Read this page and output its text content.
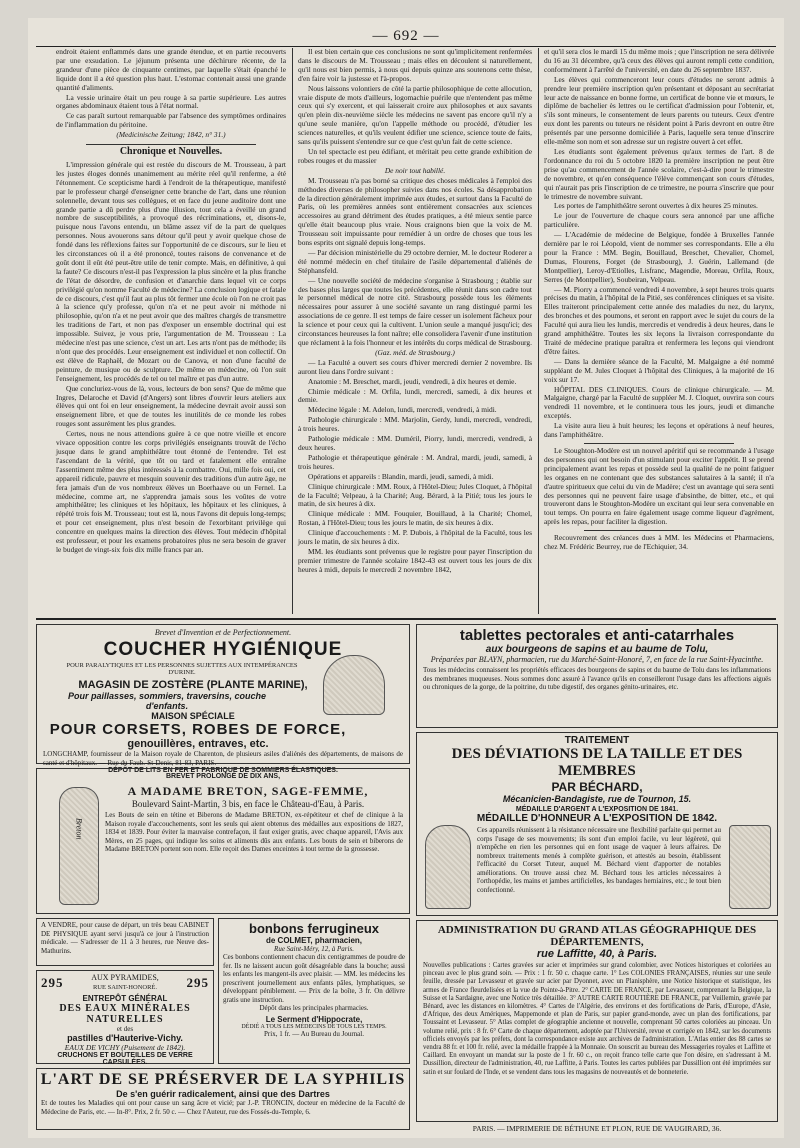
— 692 —

endroit étaient enflammés dans une grande étendue, et en partie recouverts par une exsudation. Le jéjunum présenta une déchirure récente, de la grandeur d'une pièce de cinquante centimes, par laquelle s'était épanché le liquide dont il a été question plus haut. L'estomac contenait aussi une grande quantité d'aliments.

La vessie urinaire était un peu rouge à sa partie supérieure. Les autres organes abdominaux étaient tous à l'état normal.

Ce cas paraît surtout remarquable par l'absence des symptômes ordinaires de l'inflammation du péritoine.

(Medicinische Zeitung; 1842, n° 31.)

Chronique et Nouvelles.

L'impression générale qui est restée du discours de M. Trousseau, à part les justes éloges donnés unanimement au mérite réel qu'il renferme, a été l'étonnement. Ce scepticisme hardi à l'endroit de la thérapeutique, manifesté par le professeur chargé d'enseigner cette branche de l'art, dans une réunion solennelle, devant tous ses collègues, et en face du jeune auditoire dont une grande partie a dû perdre plus d'une illusion, tout cela a éveillé un grand nombre de susceptibilités, a provoqué des récriminations, et, disons-le, puisque nous l'avons entendu, un blâme assez vif de la part de quelques personnes. Nous avouerons sans détour qu'il peut y avoir quelque chose de fondé dans les réflexions faites sur l'opportunité de ce discours, sur le lieu et les circonstances où il a été prononcé, toutes raisons de convenance et de goût dont il eût été peut-être utile de tenir compte. Mais, en définitive, à qui la faute? Ce discours n'est-il pas l'expression la plus sincère et la plus franche de l'état de désordre, de confusion et d'anarchie dans lequel vit ce corps privilégié qu'on nomme Faculté de médecine? La conclusion logique et fatale de ce discours, c'est qu'il faut au plus tôt fermer une école où l'on ne croit pas à la science qu'y professe, qu'on n'a et ne peut avoir ni méthode ni philosophie, qu'on n'a et ne peut avoir que des maîtres chargés de transmettre les traditions de l'art, et non pas d'exposer un ensemble doctrinal qui est impossible. Suivez, je vous prie, l'argumentation de M. Trousseau : La médecine n'est pas une science, c'est un art. Les arts n'ont pas de méthode; ils n'ont que des procédés. Leur enseignement est individuel et non collectif. On est élève de Raphaël, de Mozart ou de Canova, et non d'une faculté de peinture, de musique ou de sculpture. De même en médecine, où l'on suit l'enseignement, les procédés de tel ou tel maître et pas d'un autre.

Que concluriez-vous de là, vous, lecteurs de bon sens? Que de même que Ingres, Delaroche et David (d'Angers) sont libres d'ouvrir leurs ateliers aux élèves qui ont foi en leur enseignement, la médecine devrait avoir aussi son enseignement libre, et que de toutes les inutilités de ce monde les robes rouges sont assurément les plus grandes.

Certes, nous ne nous attendions guère à ce que notre vieille et encore vivace opposition contre les corps privilégiés enseignants trouvât de l'écho jusque dans le grand amphithéâtre tout étonné de l'entendre. Tel est l'ascendant de la vérité, que tôt ou tard et fatalement elle entraîne l'assentiment même des plus intéressés à la combattre. Oui, mille fois oui, cet appareil ridicule, pauvre et mesquin souvenir des traditions d'un autre âge, ne fera jamais d'un de vos nombreux élèves un Boerhaave ou un Fernel. La médecine, comme art, ne s'apprendra jamais sous les voûtes de votre amphithéâtre; les cliniques et les hôpitaux, les hôpitaux et les cliniques, à répété trois fois M. Trousseau; tout est là, nous l'avons dit depuis long-temps; et pour cet enseignement, plus n'est besoin de l'exorbitant privilège qui concentre en quelques mains la direction des élèves. Tout médecin d'hôpital est professeur, et pour les examens probatoires plus ne sera besoin de graver le budget de vingt-six fois dix mille francs par an.

Il est bien certain que ces conclusions ne sont qu'implicitement renfermées dans le discours de M. Trousseau ; mais elles en découlent si naturellement, qu'il nous est bien permis, à nous qui depuis quinze ans soutenons cette thèse, d'en faire voir la justesse et l'à-propos.

Nous laissons volontiers de côté la partie philosophique de cette allocution, vraie dispute de mots d'ailleurs, logomachie puérile que n'entendent pas même ceux qui s'y exercent, et qui laisserait croire aux philosophes et aux savants qu'en plein dix-neuvième siècle les médecins ne savent pas encore qu'il n'y a qu'une seule manière, qu'on l'appelle méthode ou procédé, d'étudier les sciences naturelles, et qu'ils veulent édifier une science, science toute de faits, sans qu'ils puissent s'entendre sur ce que c'est qu'un fait de cette science.

Un tel spectacle est peu édifiant, et méritait peu cette grande exhibition de robes rouges et du massier

De noir tout habillé.

M. Trousseau n'a pas borné sa critique des choses médicales à l'emploi des méthodes diverses de philosopher suivies dans nos écoles. Sa désapprobation de la direction généralement imprimée aux études, et surtout dans la Faculté de Paris, où les premières années sont entièrement consacrées aux sciences accessoires au grand détriment des études pratiques, a été mieux sentie parce qu'elle était beaucoup plus vraie. Nous craignons bien que la voix de M. Trousseau soit impuissante pour remédier à un ordre de choses que tous les bons esprits ont signalé depuis long-temps.

— Par décision ministérielle du 29 octobre dernier, M. le docteur Roderer a été nommé médecin en chef titulaire de l'asile départemental d'aliénés de Stéphansfeld.

— Une nouvelle société de médecine s'organise à Strasbourg ; établie sur des bases plus larges que toutes les précédentes, elle réunit dans son cadre tout le personnel médical de notre cité. Strasbourg possède tous les éléments nécessaires pour assurer à une société savante un rang distingué parmi les associations de ce genre. Il est temps de faire cesser un isolement fâcheux pour la science et pour ceux qui la cultivent. L'union seule a manqué jusqu'ici; des circonstances heureuses la font naître; elle consolidera l'avenir d'une institution que réclament à la fois l'honneur et les intérêts du corps médical de Strasbourg.

(Gaz. méd. de Strasbourg.)

— La Faculté a ouvert ses cours d'hiver mercredi dernier 2 novembre. Ils auront lieu dans l'ordre suivant :

Anatomie : M. Breschet, mardi, jeudi, vendredi, à dix heures et demie.

Chimie médicale : M. Orfila, lundi, mercredi, samedi, à dix heures et demie.

Médecine légale : M. Adelon, lundi, mercredi, vendredi, à midi.

Pathologie chirurgicale : MM. Marjolin, Gerdy, lundi, mercredi, vendredi, à trois heures.

Pathologie médicale : MM. Duméril, Piorry, lundi, mercredi, vendredi, à deux heures.

Pathologie et thérapeutique générale : M. Andral, mardi, jeudi, samedi, à trois heures.

Opérations et appareils : Blandin, mardi, jeudi, samedi, à midi.

Clinique chirurgicale : MM. Roux, à l'Hôtel-Dieu; Jules Cloquet, à l'hôpital de la Faculté; Velpeau, à la Charité; Aug. Bérard, à la Pitié; tous les jours le matin, de six heures à dix.

Clinique médicale : MM. Fouquier, Bouillaud, à la Charité; Chomel, Rostan, à l'Hôtel-Dieu; tous les jours le matin, de six heures à dix.

Clinique d'accouchements : M. P. Dubois, à l'hôpital de la Faculté, tous les jours le matin, de six heures à dix.

MM. les étudiants sont prévenus que le registre pour payer l'inscription du premier trimestre de l'année scolaire 1842-43 est ouvert tous les jours de dix heures à midi, depuis le mercredi 2 novembre 1842,

et qu'il sera clos le mardi 15 du même mois ; que l'inscription ne sera délivrée du 16 au 31 décembre, qu'à ceux des élèves qui auront rempli cette condition, conformément à l'arrêté de l'université, en date du 26 septembre 1837.

Les élèves qui commenceront leur cours d'études ne seront admis à prendre leur première inscription qu'en présentant et déposant au secrétariat leur acte de naissance en bonne forme, un certificat de bonne vie et mœurs, le diplôme de bachelier ès lettres ou le certificat d'admission pour l'obtenir, et, s'ils sont mineurs, le consentement de leurs parents ou tuteurs. Ceux d'entre eux dont les parents ou tuteurs ne résident point à Paris devront en outre être présentés par une personne domiciliée à Paris, laquelle sera tenue d'inscrire elle-même son nom et son adresse sur un registre ouvert à cet effet.

Les étudiants sont également prévenus qu'aux termes de l'art. 8 de l'ordonnance du roi du 5 octobre 1820 la première inscription ne peut être prise qu'au commencement de l'année scolaire, c'est-à-dire pour le trimestre de novembre, et qu'en conséquence l'élève commençant son cours d'études, qui n'aurait pas pris l'inscription de ce trimestre, ne pourra s'inscrire que pour le trimestre de novembre suivant.

Les portes de l'amphithéâtre seront ouvertes à dix heures 25 minutes.

Le jour de l'ouverture de chaque cours sera annoncé par une affiche particulière.

— L'Académie de médecine de Belgique, fondée à Bruxelles l'année dernière par le roi Léopold, vient de nommer ses correspondants. Elle a élu pour la France : MM. Begin, Bouillaud, Breschet, Chevalier, Chomel, Dumas, Flourens, Forget (de Strasbourg), J. Guérin, Lallemand (de Montpellier), Leroy-d'Etiolles, Lisfranc, Magendie, Moreau, Orfila, Roux, Serres (de Montpellier), Soubeiran, Velpeau.

— M. Piorry a commencé vendredi 4 novembre, à sept heures trois quarts précises du matin, à l'hôpital de la Pitié, ses conférences cliniques et sa visite. Elles traiteront principalement cette année des maladies du nez, du larynx, des bronches et des poumons, et seront en rapport avec le sujet du cours de la Faculté qui aura lieu les lundis, mercredis et vendredis à deux heures, dans le grand amphithéâtre. Toutes les six leçons la livraison correspondante du Traité de médecine pratique paraîtra et renfermera les leçons qui viendront d'être faites.

— Dans la dernière séance de la Faculté, M. Malgaigne a été nommé suppléant de M. Jules Cloquet à l'hôpital des Cliniques, à la majorité de 16 voix sur 17.

HÔPITAL DES CLINIQUES. Cours de clinique chirurgicale. — M. Malgaigne, chargé par la Faculté de suppléer M. J. Cloquet, ouvrira son cours vendredi 11 novembre, et le continuera tous les jours, jeudi et dimanche exceptés.

La visite aura lieu à huit heures; les leçons et opérations à neuf heures, dans l'amphithéâtre.

Le Stoughton-Modère est un nouvel apéritif qui se recommande à l'usage des personnes qui ont besoin d'un stimulant pour exciter l'appétit. Il se prend principalement avant les repas et possède seul la qualité de ne point fatiguer les organes en ne contenant que des substances salutaires à la santé; il n'a d'autre spiritueux que celui du vin de Madère; c'est un avantage qui sera senti des personnes qui ne peuvent faire usage d'absinthe, de bitter, etc., et qui trouveront dans le Stoughton-Modère un excitant qui leur sera convenable en tout temps. On pourra en faire également usage comme liqueur d'agrément, après les repas, pour faciliter la digestion.

Recouvrement des créances dues à MM. les Médecins et Pharmaciens, chez M. Frédéric Beurrey, rue de l'Echiquier, 34.

Brevet d'Invention et de Perfectionnement.
COUCHER HYGIÉNIQUE
POUR PARALYTIQUES ET LES PERSONNES SUJETTES AUX INTEMPÉRANCES D'URINE.
MAGASIN DE ZOSTÈRE (PLANTE MARINE),
Pour paillasses, sommiers, traversins, couche d'enfants.
MAISON SPÉCIALE
POUR CORSETS, ROBES DE FORCE,
genouillères, entraves, etc.
LONGCHAMP, fournisseur de la Maison royale de Charenton, de plusieurs asiles d'aliénés des départements, de maisons de santé et d'hôpitaux. — Rue du Faub.-St-Denis, 81-83, PARIS.
DÉPÔT DE LITS EN FER ET FABRIQUE DE SOMMIERS ÉLASTIQUES.
BREVET PROLONGÉ DE DIX ANS,
A MADAME BRETON, SAGE-FEMME,
Boulevard Saint-Martin, 3 bis, en face le Château-d'Eau, à Paris.
Les Bouts de sein en tétine et Biberons de Madame BRETON, ex-répétiteur et chef de clinique à la Maison royale d'accouchements, sont les seuls qui aient obtenus des médailles aux expositions de 1827, 1834 et 1839. Pour éviter la mauvaise contrefaçon, il faut exiger gratis, avec chaque appareil, l'Avis aux Mères, en 25 pages, qui indique les soins et aliments dûs aux enfants. Les bouts de sein et biberons de Madame BRETON portent son nom. Elle reçoit des Dames enceintes à tout terme de la grossesse.
Breton
A VENDRE, pour cause de départ, un très beau CABINET DE PHYSIQUE ayant servi jusqu'à ce jour à l'instruction médicale. — S'adresser de 11 à 3 heures, rue Neuve des-Mathurins.
295	AUX PYRAMIDES,
RUE SAINT-HONORÉ. 295
ENTREPÔT GÉNÉRAL
DES EAUX MINÉRALES NATURELLES
et des
pastilles d'Hauterive-Vichy.
EAUX DE VICHY (Puisement de 1842).
CRUCHONS ET BOUTEILLES DE VERRE CAPSULÉES.
bonbons ferrugineux
de COLMET, pharmacien,
Rue Saint-Méry, 12, à Paris.
Ces bonbons contiennent chacun dix centigrammes de poudre de fer. Ils ne laissent aucun goût désagréable dans la bouche; aussi les enfants les mangent-ils avec plaisir. — MM. les médecins les prescrivent journellement aux enfants pâles, lymphatiques, se développant péniblement. — Prix de la boîte, 3 fr. On délivre gratis une instruction.
Dépôt dans les principales pharmacies.
Le Serment d'Hippocrate,
DÉDIÉ A TOUS LES MÉDECINS DE TOUS LES TEMPS.
Prix, 1 fr. — Au Bureau du Journal.
L'ART DE SE PRÉSERVER DE LA SYPHILIS
De s'en guérir radicalement, ainsi que des Dartres
Et de toutes les Maladies qui ont pour cause un sang âcre et vicié; par J.-P. TRONCIN, docteur en médecine de la Faculté de Médecine de Paris, etc. — In-8°. Prix, 2 fr. 50 c. — Chez l'Auteur, rue des Fossés-du-Temple, 6.
tablettes pectorales et anti-catarrhales
aux bourgeons de sapins et au baume de Tolu,
Préparées par BLAYN, pharmacien, rue du Marché-Saint-Honoré, 7, en face de la rue Saint-Hyacinthe.
Tous les médecins connaissent les propriétés efficaces des bourgeons de sapins et du baume de Tolu dans les inflammations des membranes muqueuses. Nous sommes donc assuré à l'avance qu'ils en conseilleront l'usage dans les affections aiguës ou chroniques de la gorge, de la poitrine, du tube digestif, des organes génito-urinaires, etc.
TRAITEMENT
DES DÉVIATIONS DE LA TAILLE ET DES MEMBRES
PAR BÉCHARD,
Mécanicien-Bandagiste, rue de Tournon, 15.
MÉDAILLE D'ARGENT A L'EXPOSITION DE 1841.
MÉDAILLE D'HONNEUR A L'EXPOSITION DE 1842.
Ces appareils réunissent à la résistance nécessaire une flexibilité parfaite qui permet au corps l'usage de ses mouvements; ils sont d'un emploi facile, vu leur légèreté, qui n'empêche en rien les personnes qui en font usage de vaquer à leurs affaires. De nombreux traitements menés à complète guérison, et attestés au besoin, établissent l'efficacité du Corset Tuteur, auquel M. Béchard vient d'apporter de notables améliorations. On trouve aussi chez M. Béchard tous les articles nécessaires à l'orthopédie, les mains et jambes artificielles, les bandages herniaires, etc.; le tout bien confectionné.
ADMINISTRATION DU GRAND ATLAS GÉOGRAPHIQUE DES DÉPARTEMENTS,
rue Laffitte, 40, à Paris.
Nouvelles publications : Cartes gravées sur acier et imprimées sur grand colombier, avec Notices historiques et coloriées au pinceau avec le plus grand soin. — Prix : 1 fr. 50 c. chaque carte. 1° Les COLONIES FRANÇAISES, réunies sur une seule feuille, dressée par Levasseur et gravée sur acier par Dyonnet, avec un Planisphère, une Notice historique et statistique, les armes de France fleurdelisées et la vue de Pointe-à-Pitre. 2° CARTE DE FRANCE, par Levasseur, comprenant la Belgique, la Suisse et la Sardaigne, avec une Notice très détaillée. 3° AUTRE CARTE ROUTIÈRE DE FRANCE, par Vuillemin, gravée par Bénard, avec les distances en kilomètres. 4° Cartes de l'Algérie, des environs et des fortifications de Paris, d'Europe, d'Asie, d'Afrique, des deux Amériques, Mappemonde et plan de Paris, sur papier grand-monde, avec un plan des fortifications, par Toussaint et Levasseur. 5° Atlas complet de géographie ancienne et nouvelle, comprenant 50 cartes coloriées au pinceau. Un volume relié, prix : 8 fr. 6° Carte de chaque département, adoptée par l'Université, revue et corrigée en 1842, sur les documents officiels envoyés par les préfets, dont la correspondance existe aux archives de l'administration. L'Atlas entier des 88 cartes se vendra 88 fr. et 100 fr. relié, avec la médaille frappée à la Monnaie. On souscrit au bureau des Messageries royales et Laffitte et Caillard. En envoyant un mandat sur la poste de 1 fr. 60 c., on reçoit franco telle carte que l'on désire, en s'adressant à M. Dussillion, directeur de l'administration, 40, rue Laffitte, à Paris. Toutes les cartes publiées par Dussillion ont été imprimées sur satin et sur foulard de l'Inde, et se vendent dans tous les magasins de nouveautés et de bonneterie.
PARIS. — IMPRIMERIE DE BÉTHUNE ET PLON, RUE DE VAUGIRARD, 36.
